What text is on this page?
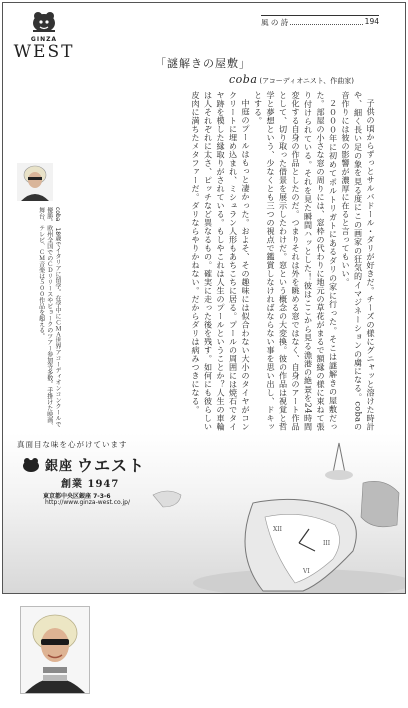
GINZA
WEST
風 の 詩	194
「謎解きの屋敷」
coba (アコーディオニスト、作曲家)

子供の頃からずっとサルバドール・ダリが好きだ。チーズの様にグニャッと溶けた時計や、細く長い足の象を見る度にこの画家の狂気的イマジネーションの虜になる。cobaの音作りには彼の影響が濃厚に在ると言ってもいい。

２０００年に初めてポルトリガトにあるダリの家に行った。そこは謎解きの屋敷だった。部屋の小さな窓の周りには、窓枠の代わりに地元の草花がまるで額縁の様に束ねて張り付けられている。それを見た瞬間ハッとした！彼はここから見る漁港の絶景を24時間変化する自身の作品としたのだ。つまりそれは外を眺める窓ではなく、自身のアート作品として、切り取った借景を展示したわけだ。窓という概念の大変換。彼の作品は視覚と哲学と夢想という、少なくとも三つの視点で鑑賞しなければならない事を思い出し、ドキッとする。

中庭のプールはもっと凄かった。およそ、その趣味には似合わない大小のタイヤがコンクリートに埋め込まれ、ミシュラン人形もあちこちに居る。プールの周囲には焼石でタイヤ跡を模した縁取りがされている。もしやこれは人生のプールということか？人生の車輪は人それぞれに太さ、ピッチなど異なるもの。確実に走った後を残す。如何にも彼らしい皮肉に満ちたメタファーだ。ダリならやりかねない。だからダリは病みつきになる。

coba　18歳でイタリアに留学。在学中にＣＭＡ世界アコーディオンコンクールで優勝。欧州全国でのＣＤリリースやビョークのツアー参加等多数。手掛けた映画、舞台、テレビ、ＣＭ音楽は５００作品を超える。
XII
III
VI
真面目な味を心がけています
銀座 ウエスト
創業 1947
東京都中央区銀座 7-3-6
http://www.ginza-west.co.jp/
